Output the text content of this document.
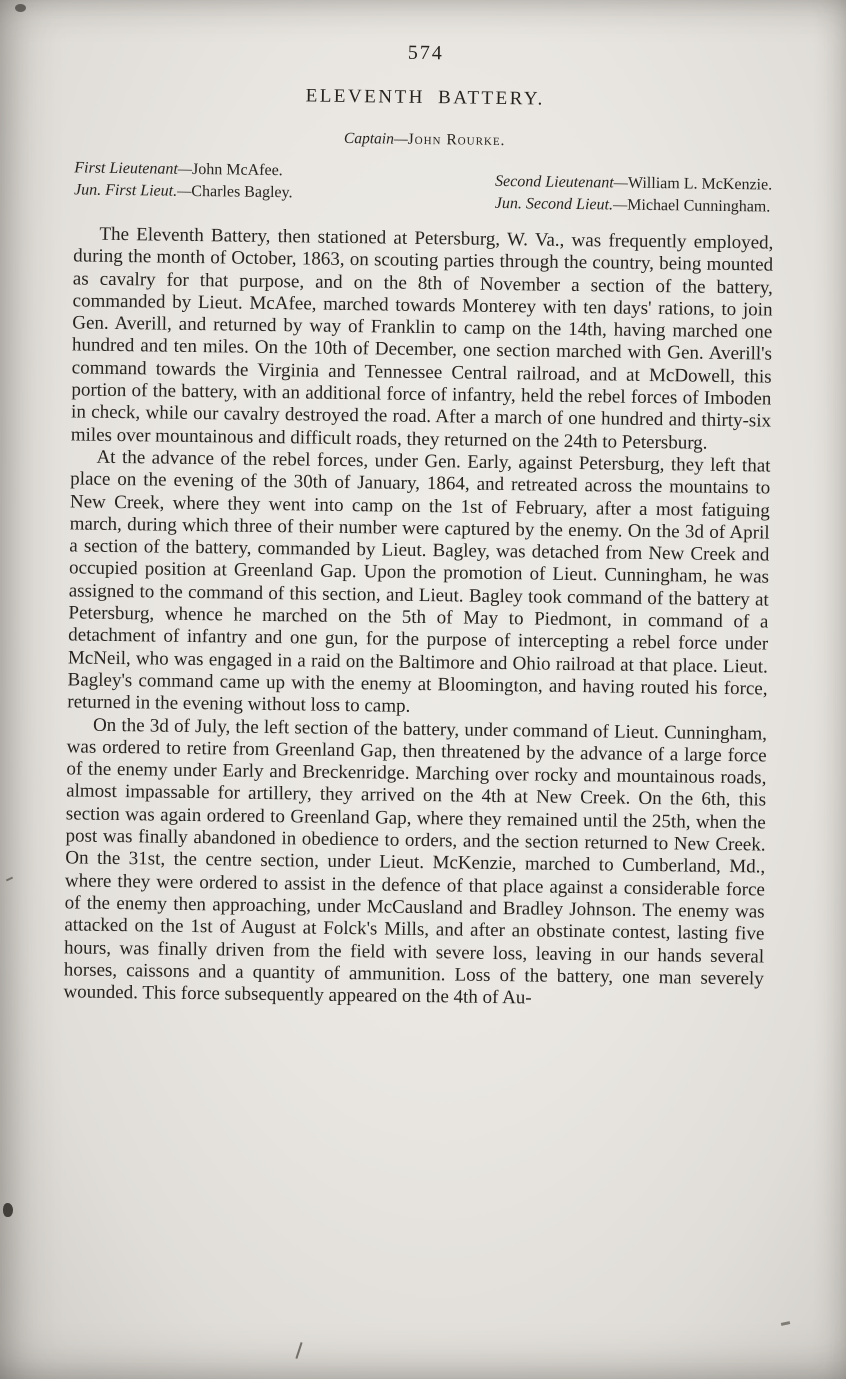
574
ELEVENTH BATTERY.
Captain—John Rourke.
First Lieutenant—John McAfee.
Jun. First Lieut.—Charles Bagley.
Second Lieutenant—William L. McKenzie.
Jun. Second Lieut.—Michael Cunningham.

The Eleventh Battery, then stationed at Petersburg, W. Va., was frequently employed, during the month of October, 1863, on scouting parties through the country, being mounted as cavalry for that purpose, and on the 8th of November a section of the battery, commanded by Lieut. McAfee, marched towards Monterey with ten days' rations, to join Gen. Averill, and returned by way of Franklin to camp on the 14th, having marched one hundred and ten miles. On the 10th of December, one section marched with Gen. Averill's command towards the Virginia and Tennessee Central railroad, and at McDowell, this portion of the battery, with an additional force of infantry, held the rebel forces of Imboden in check, while our cavalry destroyed the road. After a march of one hundred and thirty-six miles over mountainous and difficult roads, they returned on the 24th to Petersburg.

At the advance of the rebel forces, under Gen. Early, against Petersburg, they left that place on the evening of the 30th of January, 1864, and retreated across the mountains to New Creek, where they went into camp on the 1st of February, after a most fatiguing march, during which three of their number were captured by the enemy. On the 3d of April a section of the battery, commanded by Lieut. Bagley, was detached from New Creek and occupied position at Greenland Gap. Upon the promotion of Lieut. Cunningham, he was assigned to the command of this section, and Lieut. Bagley took command of the battery at Petersburg, whence he marched on the 5th of May to Piedmont, in command of a detachment of infantry and one gun, for the purpose of intercepting a rebel force under McNeil, who was engaged in a raid on the Baltimore and Ohio railroad at that place. Lieut. Bagley's command came up with the enemy at Bloomington, and having routed his force, returned in the evening without loss to camp.

On the 3d of July, the left section of the battery, under command of Lieut. Cunningham, was ordered to retire from Greenland Gap, then threatened by the advance of a large force of the enemy under Early and Breckenridge. Marching over rocky and mountainous roads, almost impassable for artillery, they arrived on the 4th at New Creek. On the 6th, this section was again ordered to Greenland Gap, where they remained until the 25th, when the post was finally abandoned in obedience to orders, and the section returned to New Creek. On the 31st, the centre section, under Lieut. McKenzie, marched to Cumberland, Md., where they were ordered to assist in the defence of that place against a considerable force of the enemy then approaching, under McCausland and Bradley Johnson. The enemy was attacked on the 1st of August at Folck's Mills, and after an obstinate contest, lasting five hours, was finally driven from the field with severe loss, leaving in our hands several horses, caissons and a quantity of ammunition. Loss of the battery, one man severely wounded. This force subsequently appeared on the 4th of Au-
